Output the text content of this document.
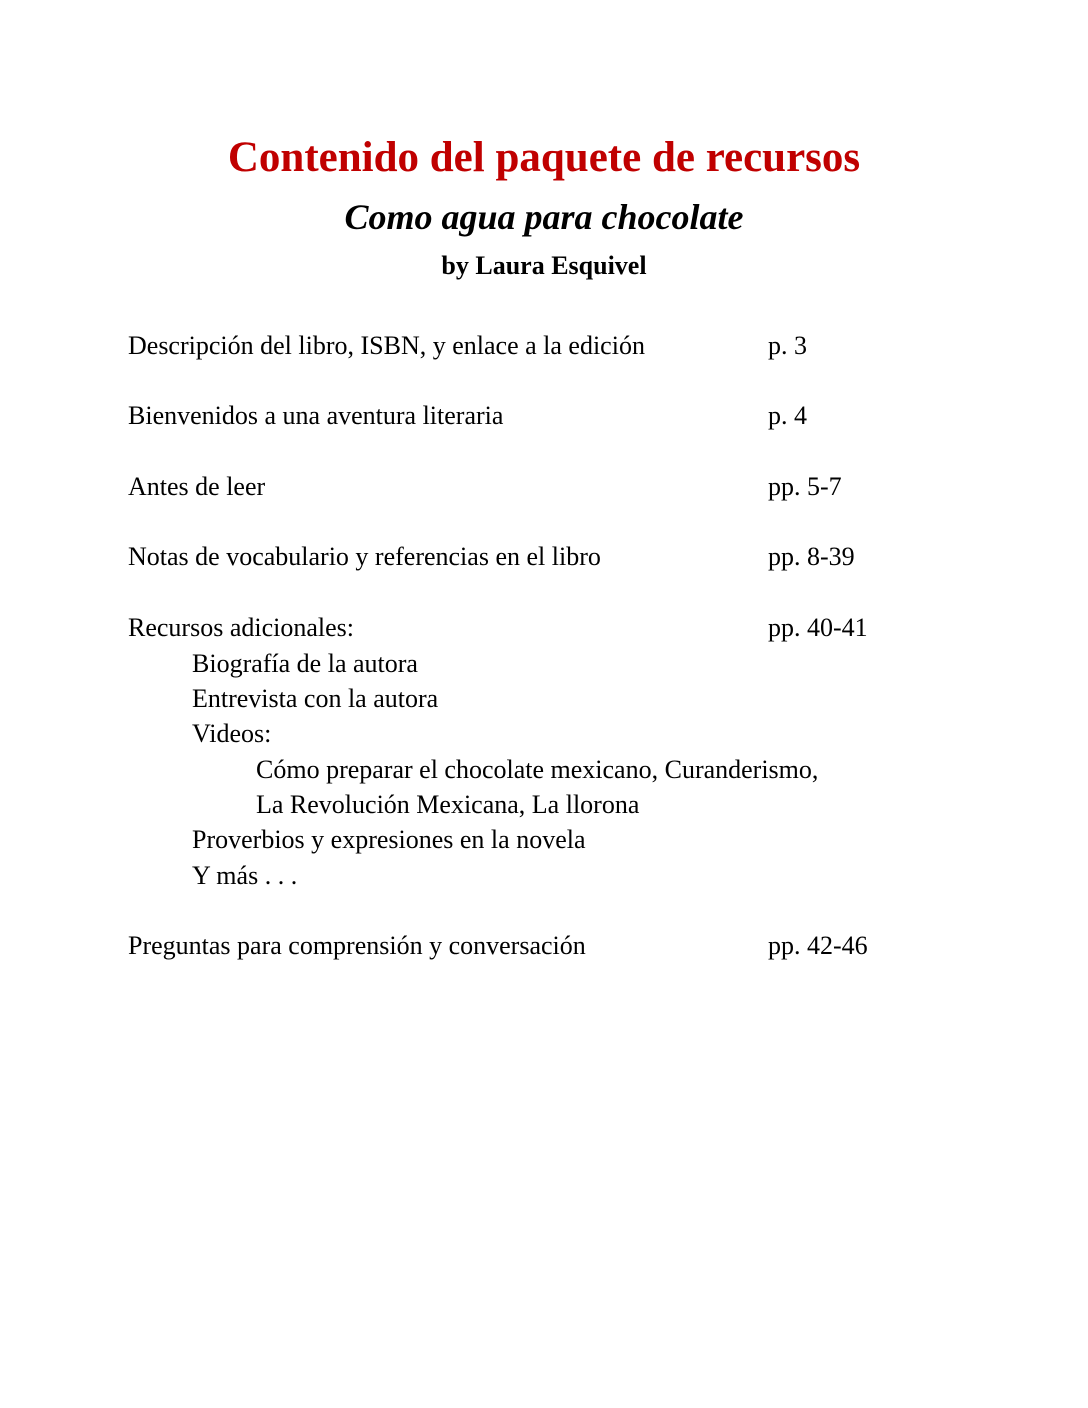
Contenido del paquete de recursos
Como agua para chocolate
by Laura Esquivel
Descripción del libro, ISBN, y enlace a la edición	p. 3
Bienvenidos a una aventura literaria	p. 4
Antes de leer	pp. 5-7
Notas de vocabulario y referencias en el libro	pp. 8-39
Recursos adicionales:	pp. 40-41
Biografía de la autora
Entrevista con la autora
Videos:
Cómo preparar el chocolate mexicano, Curanderismo,
La Revolución Mexicana, La llorona
Proverbios y expresiones en la novela
Y más . . .
Preguntas para comprensión y conversación	pp. 42-46
